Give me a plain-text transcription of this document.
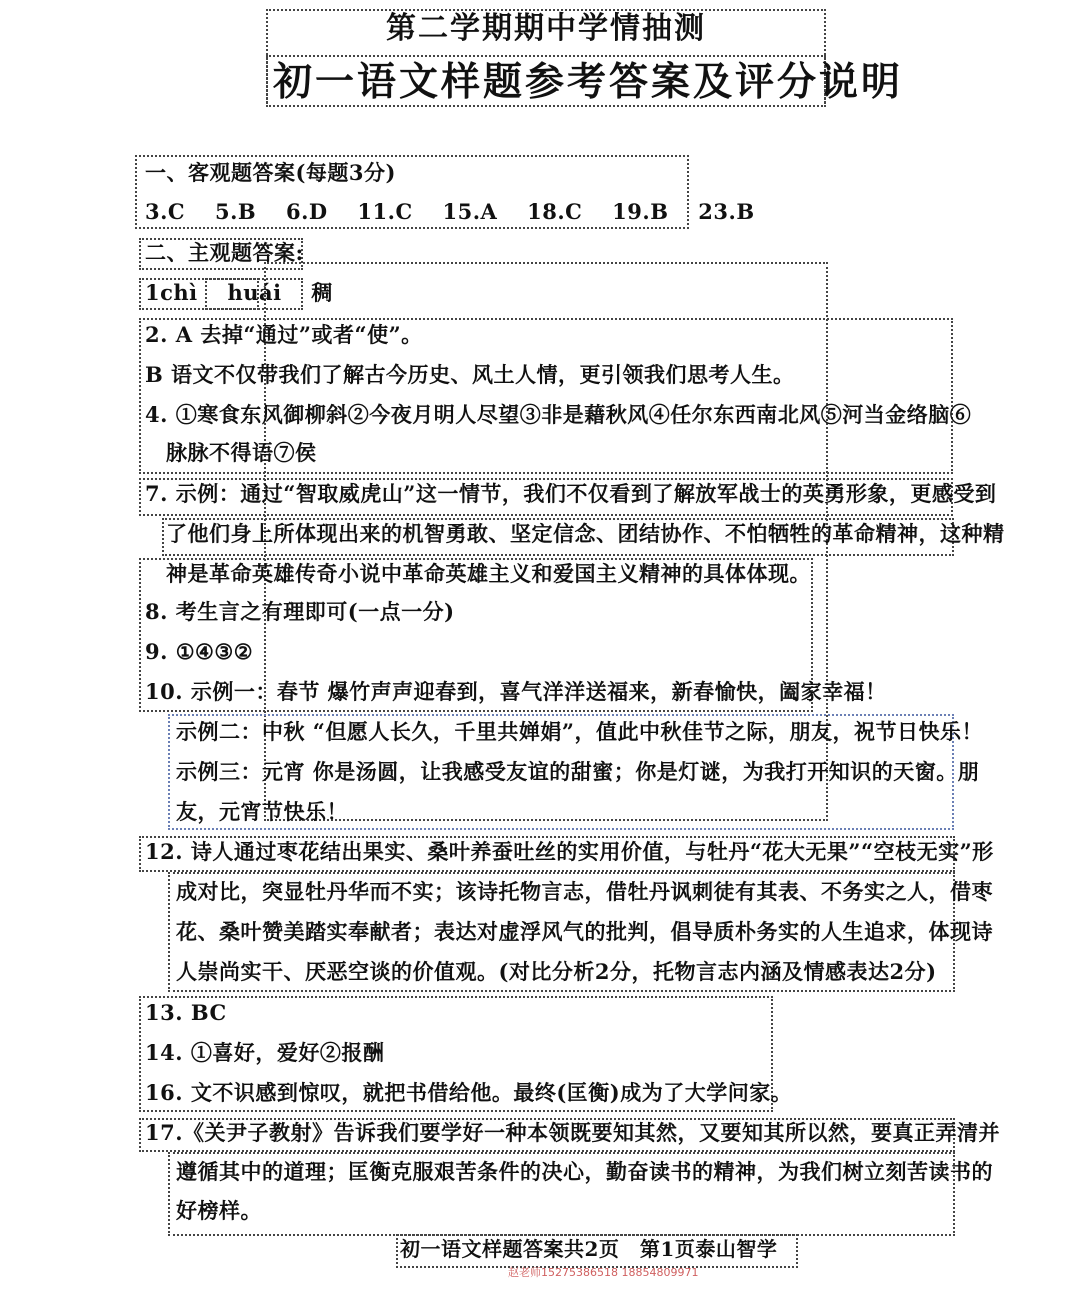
第二学期期中学情抽测
初一语文样题参考答案及评分说明
一、客观题答案(每题3分)
3.C 5.B 6.D 11.C 15.A 18.C 19.B 23.B
二、主观题答案:
1chì huái 稠
2. A 去掉“通过”或者“使”。
B 语文不仅带我们了解古今历史、风土人情，更引领我们思考人生。
4. ①寒食东风御柳斜②今夜月明人尽望③非是藉秋风④任尔东西南北风⑤河当金络脑⑥
脉脉不得语⑦侯
7. 示例：通过“智取威虎山”这一情节，我们不仅看到了解放军战士的英勇形象，更感受到
了他们身上所体现出来的机智勇敢、坚定信念、团结协作、不怕牺牲的革命精神，这种精
神是革命英雄传奇小说中革命英雄主义和爱国主义精神的具体体现。
8. 考生言之有理即可(一点一分)
9. ①④③②
10. 示例一：春节 爆竹声声迎春到，喜气洋洋送福来，新春愉快，阖家幸福！
示例二：中秋 “但愿人长久，千里共婵娟”，值此中秋佳节之际，朋友，祝节日快乐！
示例三：元宵 你是汤圆，让我感受友谊的甜蜜；你是灯谜，为我打开知识的天窗。朋
友，元宵节快乐！
12. 诗人通过枣花结出果实、桑叶养蚕吐丝的实用价值，与牡丹“花大无果”“空枝无实”形
成对比，突显牡丹华而不实；该诗托物言志，借牡丹讽刺徒有其表、不务实之人，借枣
花、桑叶赞美踏实奉献者；表达对虚浮风气的批判，倡导质朴务实的人生追求，体现诗
人崇尚实干、厌恶空谈的价值观。(对比分析2分，托物言志内涵及情感表达2分)
13. BC
14. ①喜好，爱好②报酬
16. 文不识感到惊叹，就把书借给他。最终(匡衡)成为了大学问家。
17.《关尹子教射》告诉我们要学好一种本领既要知其然，又要知其所以然，要真正弄清并
遵循其中的道理；匡衡克服艰苦条件的决心，勤奋读书的精神，为我们树立刻苦读书的
好榜样。
初一语文样题答案共2页　第1页泰山智学
赵老师15275386518 18854809971
